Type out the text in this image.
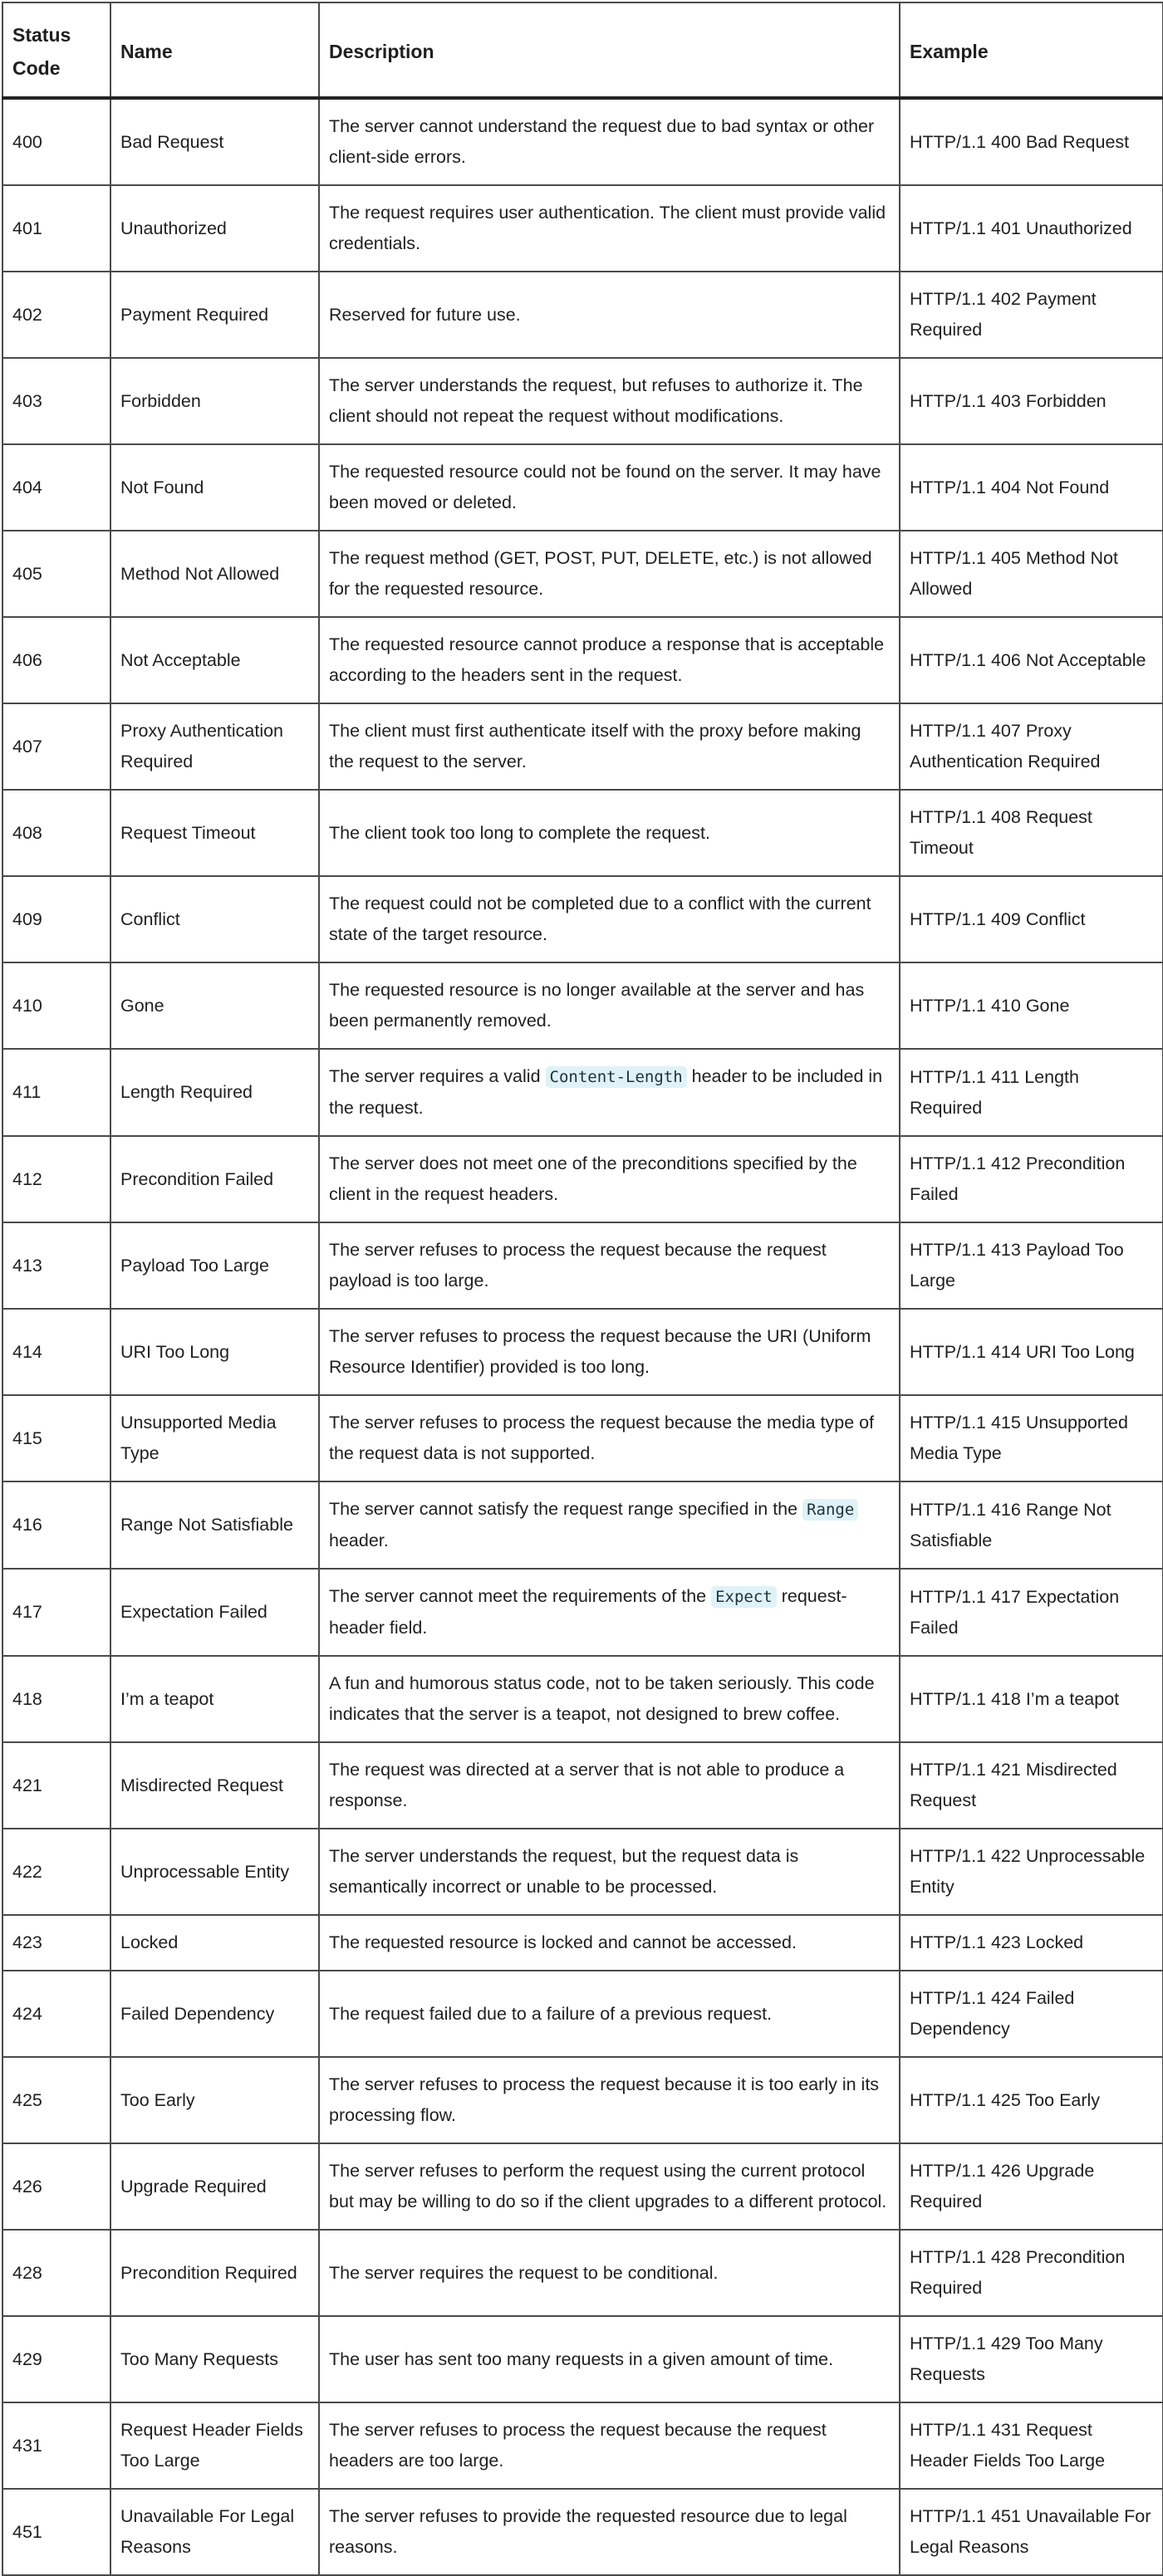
Status Code	Name	Description	Example
400	Bad Request	The server cannot understand the request due to bad syntax or other client-side errors.	HTTP/1.1 400 Bad Request
401	Unauthorized	The request requires user authentication. The client must provide valid credentials.	HTTP/1.1 401 Unauthorized
402	Payment Required	Reserved for future use.	HTTP/1.1 402 Payment Required
403	Forbidden	The server understands the request, but refuses to authorize it. The client should not repeat the request without modifications.	HTTP/1.1 403 Forbidden
404	Not Found	The requested resource could not be found on the server. It may have been moved or deleted.	HTTP/1.1 404 Not Found
405	Method Not Allowed	The request method (GET, POST, PUT, DELETE, etc.) is not allowed for the requested resource.	HTTP/1.1 405 Method Not Allowed
406	Not Acceptable	The requested resource cannot produce a response that is acceptable according to the headers sent in the request.	HTTP/1.1 406 Not Acceptable
407	Proxy Authentication Required	The client must first authenticate itself with the proxy before making the request to the server.	HTTP/1.1 407 Proxy Authentication Required
408	Request Timeout	The client took too long to complete the request.	HTTP/1.1 408 Request Timeout
409	Conflict	The request could not be completed due to a conflict with the current state of the target resource.	HTTP/1.1 409 Conflict
410	Gone	The requested resource is no longer available at the server and has been permanently removed.	HTTP/1.1 410 Gone
411	Length Required	The server requires a valid Content-Length header to be included in the request.	HTTP/1.1 411 Length Required
412	Precondition Failed	The server does not meet one of the preconditions specified by the client in the request headers.	HTTP/1.1 412 Precondition Failed
413	Payload Too Large	The server refuses to process the request because the request payload is too large.	HTTP/1.1 413 Payload Too Large
414	URI Too Long	The server refuses to process the request because the URI (Uniform Resource Identifier) provided is too long.	HTTP/1.1 414 URI Too Long
415	Unsupported Media Type	The server refuses to process the request because the media type of the request data is not supported.	HTTP/1.1 415 Unsupported Media Type
416	Range Not Satisfiable	The server cannot satisfy the request range specified in the Range header.	HTTP/1.1 416 Range Not Satisfiable
417	Expectation Failed	The server cannot meet the requirements of the Expect request-header field.	HTTP/1.1 417 Expectation Failed
418	I’m a teapot	A fun and humorous status code, not to be taken seriously. This code indicates that the server is a teapot, not designed to brew coffee.	HTTP/1.1 418 I’m a teapot
421	Misdirected Request	The request was directed at a server that is not able to produce a response.	HTTP/1.1 421 Misdirected Request
422	Unprocessable Entity	The server understands the request, but the request data is semantically incorrect or unable to be processed.	HTTP/1.1 422 Unprocessable Entity
423	Locked	The requested resource is locked and cannot be accessed.	HTTP/1.1 423 Locked
424	Failed Dependency	The request failed due to a failure of a previous request.	HTTP/1.1 424 Failed Dependency
425	Too Early	The server refuses to process the request because it is too early in its processing flow.	HTTP/1.1 425 Too Early
426	Upgrade Required	The server refuses to perform the request using the current protocol but may be willing to do so if the client upgrades to a different protocol.	HTTP/1.1 426 Upgrade Required
428	Precondition Required	The server requires the request to be conditional.	HTTP/1.1 428 Precondition Required
429	Too Many Requests	The user has sent too many requests in a given amount of time.	HTTP/1.1 429 Too Many Requests
431	Request Header Fields Too Large	The server refuses to process the request because the request headers are too large.	HTTP/1.1 431 Request Header Fields Too Large
451	Unavailable For Legal Reasons	The server refuses to provide the requested resource due to legal reasons.	HTTP/1.1 451 Unavailable For Legal Reasons
